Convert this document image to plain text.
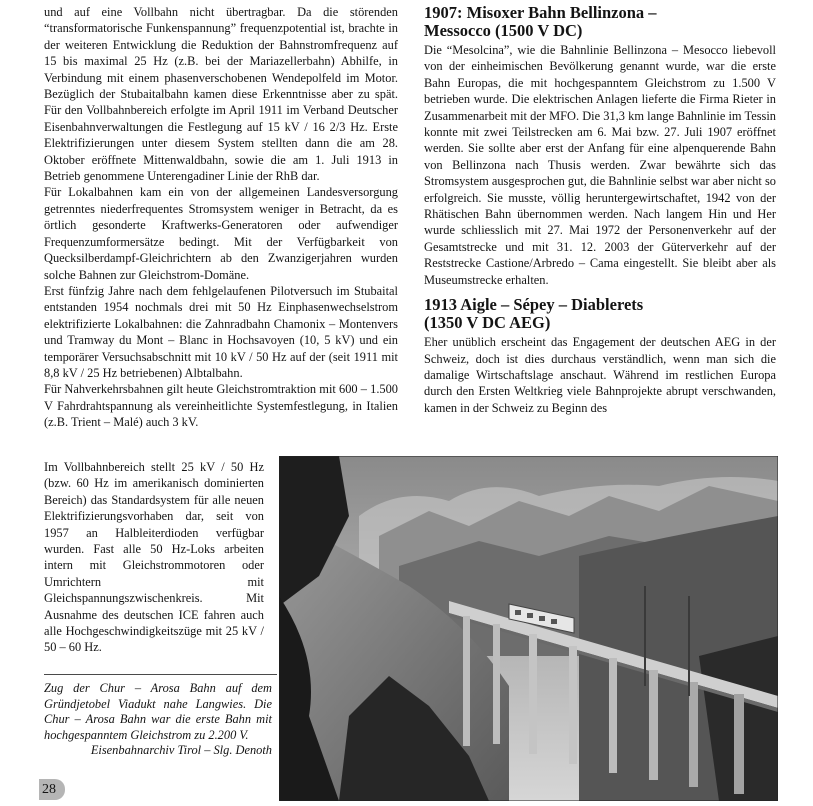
und auf eine Vollbahn nicht übertragbar. Da die störenden “transformatorische Funkenspannung” frequenzpotential ist, brachte in der weiteren Entwicklung die Reduktion der Bahnstromfrequenz auf 15 bis maximal 25 Hz (z.B. bei der Mariazellerbahn) Abhilfe, in Verbindung mit einem phasenverschobenen Wendepolfeld im Motor. Bezüglich der Stubaitalbahn kamen diese Erkenntnisse aber zu spät. Für den Vollbahnbereich erfolgte im April 1911 im Verband Deutscher Eisenbahnverwaltungen die Festlegung auf 15 kV / 16 2/3 Hz. Erste Elektrifizierungen unter diesem System stellten dann die am 28. Oktober eröffnete Mittenwaldbahn, sowie die am 1. Juli 1913 in Betrieb genommene Unterengadiner Linie der RhB dar.

Für Lokalbahnen kam ein von der allgemeinen Landesversorgung getrenntes niederfrequentes Stromsystem weniger in Betracht, da es örtlich gesonderte Kraftwerks-Generatoren oder aufwendiger Frequenzumformersätze bedingt. Mit der Verfügbarkeit von Quecksilberdampf-Gleichrichtern ab den Zwanzigerjahren wurden solche Bahnen zur Gleichstrom-Domäne.

Erst fünfzig Jahre nach dem fehlgelaufenen Pilotversuch im Stubaital entstanden 1954 nochmals drei mit 50 Hz Einphasenwechselstrom elektrifizierte Lokalbahnen: die Zahnradbahn Chamonix – Montenvers und Tramway du Mont – Blanc in Hochsavoyen (10, 5 kV) und ein temporärer Versuchsabschnitt mit 10 kV / 50 Hz auf der (seit 1911 mit 8,8 kV / 25 Hz betriebenen) Albtalbahn.

Für Nahverkehrsbahnen gilt heute Gleichstromtraktion mit 600 – 1.500 V Fahrdrahtspannung als vereinheitlichte Systemfestlegung, in Italien (z.B. Trient – Malé) auch 3 kV.

Im Vollbahnbereich stellt 25 kV / 50 Hz (bzw. 60 Hz im amerikanisch dominierten Bereich) das Standardsystem für alle neuen Elektrifizierungsvorhaben dar, seit von 1957 an Halbleiterdioden verfügbar wurden. Fast alle 50 Hz-Loks arbeiten intern mit Gleichstrommotoren oder Umrichtern mit Gleichspannungszwischenkreis. Mit Ausnahme des deutschen ICE fahren auch alle Hochgeschwindigkeitszüge mit 25 kV / 50 – 60 Hz.

1907: Misoxer Bahn Bellinzona –
Messocco (1500 V DC)

Die “Mesolcina”, wie die Bahnlinie Bellinzona – Mesocco liebevoll von der einheimischen Bevölkerung genannt wurde, war die erste Bahn Europas, die mit hochgespanntem Gleichstrom zu 1.500 V betrieben wurde. Die elektrischen Anlagen lieferte die Firma Rieter in Zusammenarbeit mit der MFO. Die 31,3 km lange Bahnlinie im Tessin konnte mit zwei Teilstrecken am 6. Mai bzw. 27. Juli 1907 eröffnet werden. Sie sollte aber erst der Anfang für eine alpenquerende Bahn von Bellinzona nach Thusis werden. Zwar bewährte sich das Stromsystem ausgesprochen gut, die Bahnlinie selbst war aber nicht so erfolgreich. Sie musste, völlig heruntergewirtschaftet, 1942 von der Rhätischen Bahn übernommen werden. Nach langem Hin und Her wurde schliesslich mit 27. Mai 1972 der Personenverkehr auf der Gesamtstrecke und mit 31. 12. 2003 der Güterverkehr auf der Reststrecke Castione/Arbredo – Cama eingestellt. Sie bleibt aber als Museumstrecke erhalten.

1913 Aigle – Sépey – Diablerets
(1350 V DC AEG)

Eher unüblich erscheint das Engagement der deutschen AEG in der Schweiz, doch ist dies durchaus verständlich, wenn man sich die damalige Wirtschaftslage anschaut. Während im restlichen Europa durch den Ersten Weltkrieg viele Bahnprojekte abrupt verschwanden, kamen in der Schweiz zu Beginn des

Zug der Chur – Arosa Bahn auf dem Gründjetobel Viadukt nahe Langwies. Die Chur – Arosa Bahn war die erste Bahn mit hochgespanntem Gleichstrom zu 2.200 V.

Eisenbahnarchiv Tirol – Slg. Denoth

28
